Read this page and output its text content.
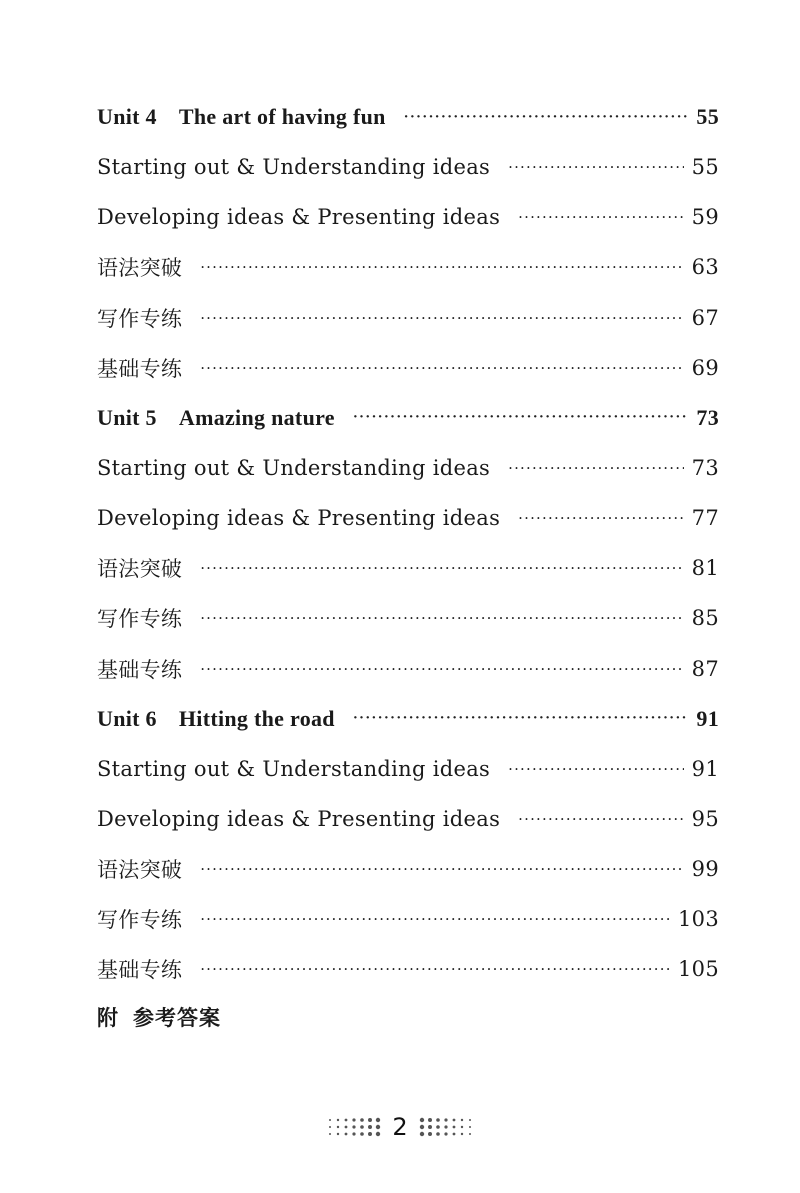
Unit 4 The art of having fun ·····	55
Starting out & Understanding ideas ·····	55
Developing ideas & Presenting ideas ·····	59
语法突破 ·····	63
写作专练 ·····	67
基础专练 ·····	69
Unit 5 Amazing nature ·····	73
Starting out & Understanding ideas ·····	73
Developing ideas & Presenting ideas ·····	77
语法突破 ·····	81
写作专练 ·····	85
基础专练 ·····	87
Unit 6 Hitting the road ·····	91
Starting out & Understanding ideas ·····	91
Developing ideas & Presenting ideas ·····	95
语法突破 ·····	99
写作专练 ·····	103
基础专练 ·····	105
附 参考答案
2
